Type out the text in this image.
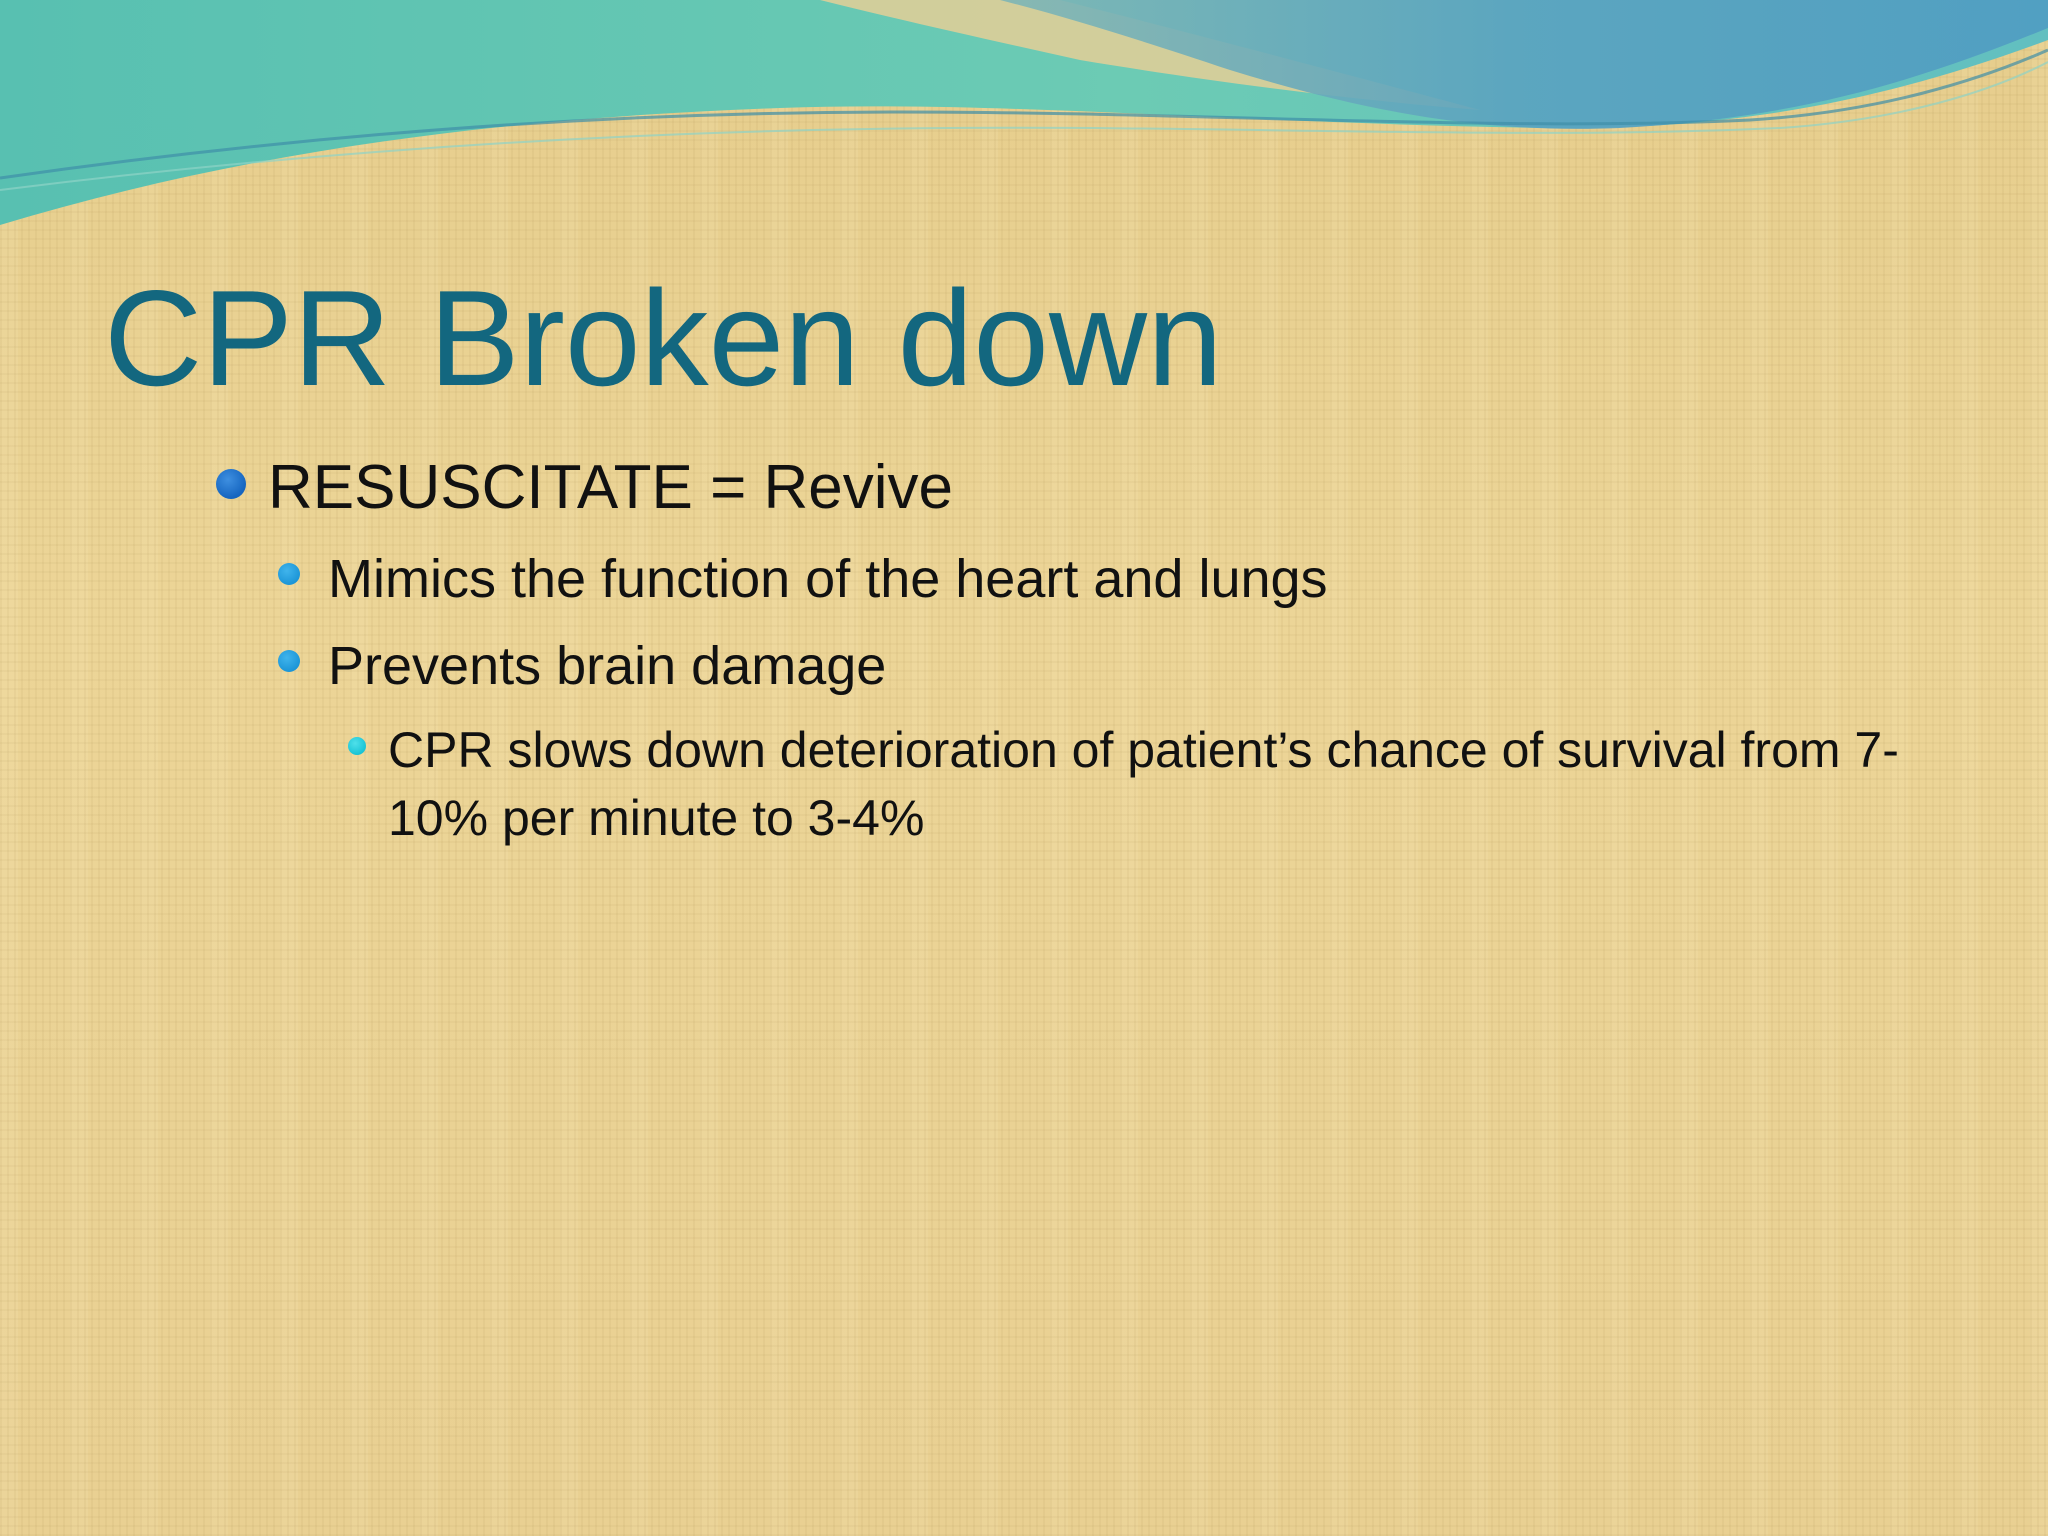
CPR Broken down
RESUSCITATE = Revive
Mimics the function of the heart and lungs
Prevents brain damage
CPR slows down deterioration of patient’s chance of survival from 7-10% per minute to 3-4%
